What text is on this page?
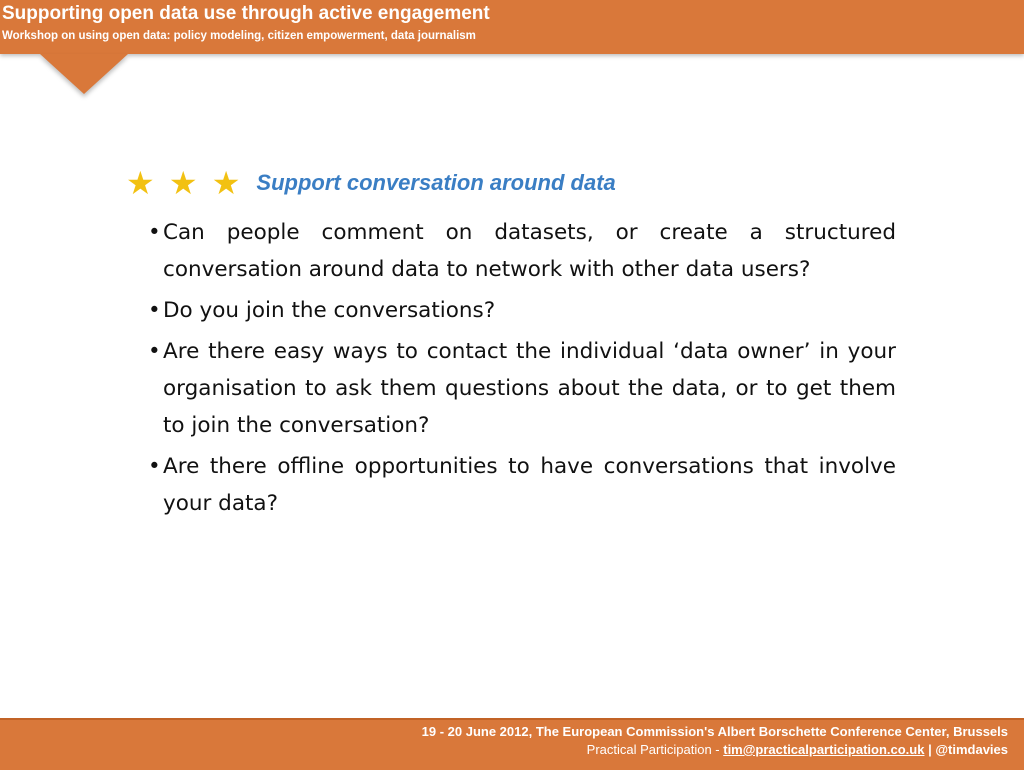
Supporting open data use through active engagement
Workshop on using open data: policy modeling, citizen empowerment, data journalism
★ ★ ★ Support conversation around data
• Can people comment on datasets, or create a structured conversation around data to network with other data users?
• Do you join the conversations?
• Are there easy ways to contact the individual ‘data owner’ in your organisation to ask them questions about the data, or to get them to join the conversation?
• Are there offline opportunities to have conversations that involve your data?
19 - 20 June 2012, The European Commission's Albert Borschette Conference Center, Brussels
Practical Participation - tim@practicalparticipation.co.uk | @timdavies
